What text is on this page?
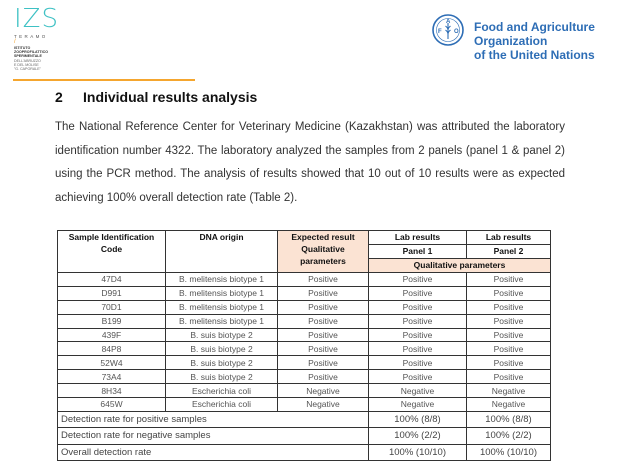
IZS
TERAMO
/
ISTITUTO
ZOOPROFILATTICO
SPERIMENTALE
DELL'ABRUZZO
E DEL MOLISE
"G. CAPORALE"
F
A
O Food and Agriculture Organization
of the United Nations
2 Individual results analysis
The National Reference Center for Veterinary Medicine (Kazakhstan) was attributed the laboratory identification number 4322. The laboratory analyzed the samples from 2 panels (panel 1 & panel 2) using the PCR method. The analysis of results showed that 10 out of 10 results were as expected achieving 100% overall detection rate (Table 2).
Sample Identification Code	DNA origin	Expected result Qualitative parameters	Lab results	Lab results
			Panel 1	Panel 2
			Qualitative parameters	
47D4	B. melitensis biotype 1	Positive	Positive	Positive
D991	B. melitensis biotype 1	Positive	Positive	Positive
70D1	B. melitensis biotype 1	Positive	Positive	Positive
B199	B. melitensis biotype 1	Positive	Positive	Positive
439F	B. suis biotype 2	Positive	Positive	Positive
84P8	B. suis biotype 2	Positive	Positive	Positive
52W4	B. suis biotype 2	Positive	Positive	Positive
73A4	B. suis biotype 2	Positive	Positive	Positive
8H34	Escherichia coli	Negative	Negative	Negative
645W	Escherichia coli	Negative	Negative	Negative
Detection rate for positive samples			100% (8/8)	100% (8/8)
Detection rate for negative samples			100% (2/2)	100% (2/2)
Overall detection rate			100% (10/10)	100% (10/10)
